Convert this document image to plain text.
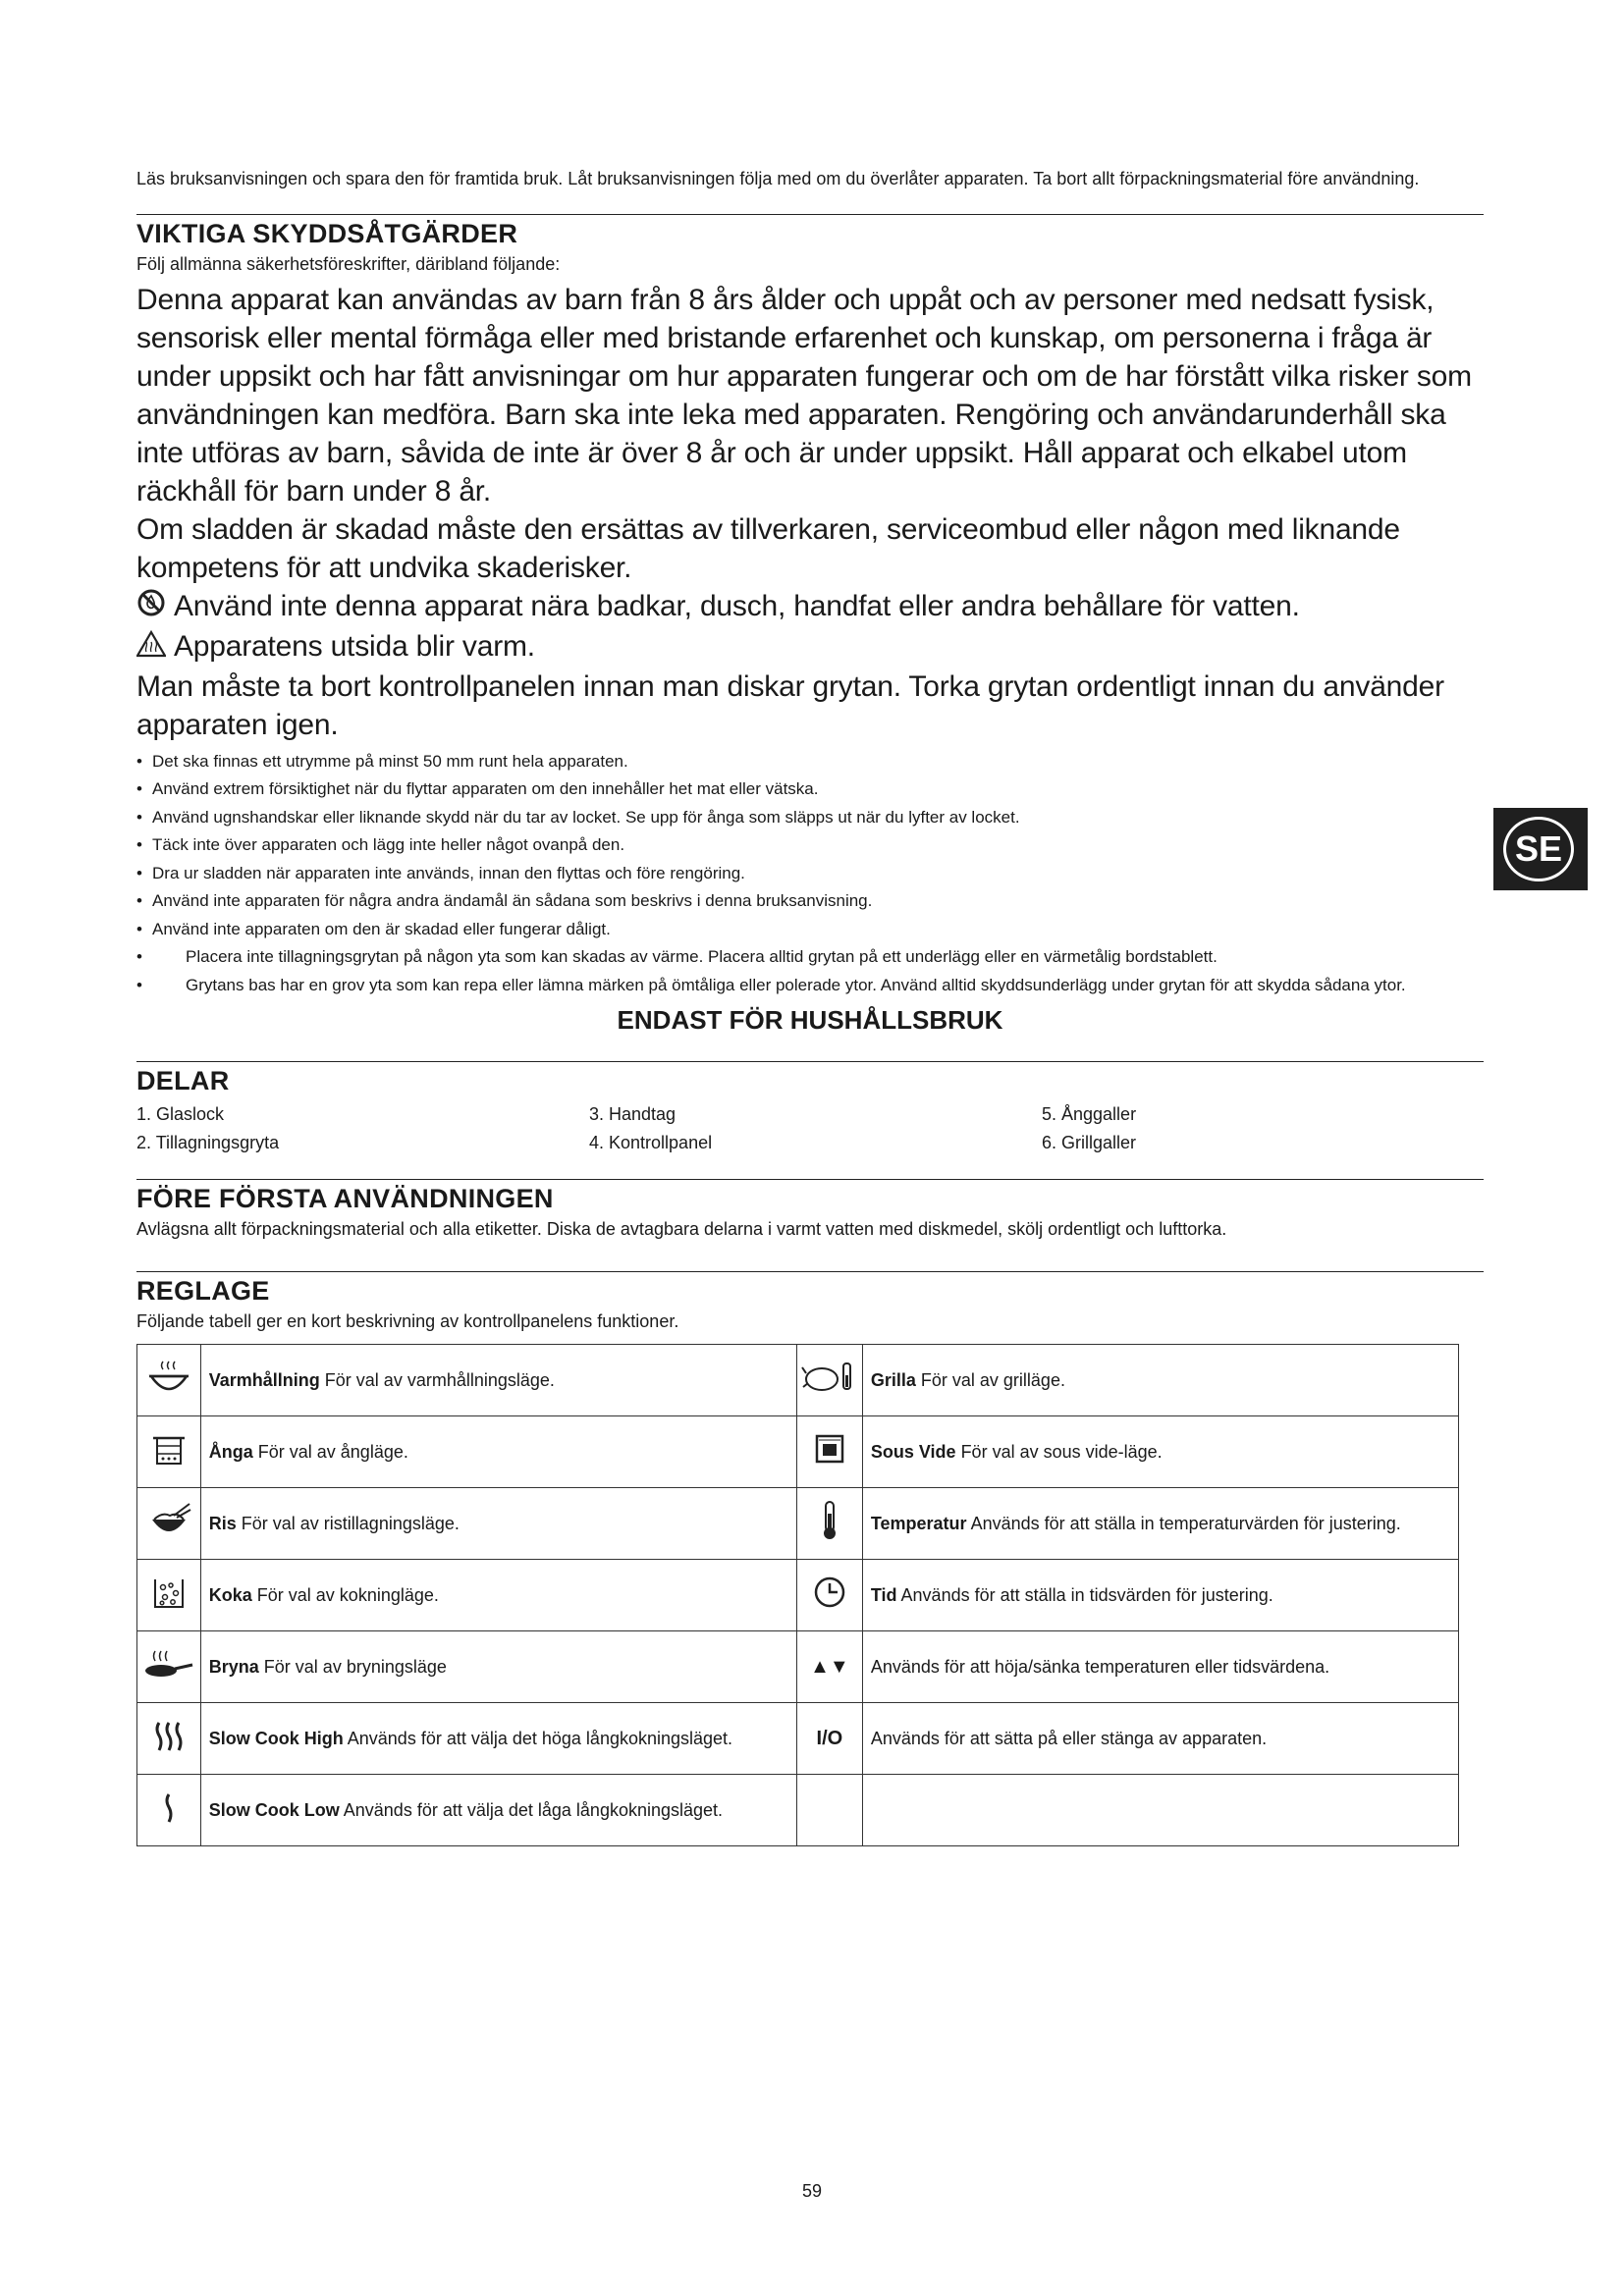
Läs bruksanvisningen och spara den för framtida bruk. Låt bruksanvisningen följa med om du överlåter apparaten. Ta bort allt förpackningsmaterial före användning.

VIKTIGA SKYDDSÅTGÄRDER

Följ allmänna säkerhetsföreskrifter, däribland följande:

Denna apparat kan användas av barn från 8 års ålder och uppåt och av personer med nedsatt fysisk, sensorisk eller mental förmåga eller med bristande erfarenhet och kunskap, om personerna i fråga är under uppsikt och har fått anvisningar om hur apparaten fungerar och om de har förstått vilka risker som användningen kan medföra. Barn ska inte leka med apparaten. Rengöring och användarunderhåll ska inte utföras av barn, såvida de inte är över 8 år och är under uppsikt. Håll apparat och elkabel utom räckhåll för barn under 8 år.

Om sladden är skadad måste den ersättas av tillverkaren, serviceombud eller någon med liknande kompetens för att undvika skaderisker.

Använd inte denna apparat nära badkar, dusch, handfat eller andra behållare för vatten.

Apparatens utsida blir varm.

Man måste ta bort kontrollpanelen innan man diskar grytan. Torka grytan ordentligt innan du använder apparaten igen.

• Det ska finnas ett utrymme på minst 50 mm runt hela apparaten.
• Använd extrem försiktighet när du flyttar apparaten om den innehåller het mat eller vätska.
• Använd ugnshandskar eller liknande skydd när du tar av locket. Se upp för ånga som släpps ut när du lyfter av locket.
• Täck inte över apparaten och lägg inte heller något ovanpå den.
• Dra ur sladden när apparaten inte används, innan den flyttas och före rengöring.
• Använd inte apparaten för några andra ändamål än sådana som beskrivs i denna bruksanvisning.
• Använd inte apparaten om den är skadad eller fungerar dåligt.
• Placera inte tillagningsgrytan på någon yta som kan skadas av värme. Placera alltid grytan på ett underlägg eller en värmetålig bordstablett.
• Grytans bas har en grov yta som kan repa eller lämna märken på ömtåliga eller polerade ytor. Använd alltid skyddsunderlägg under grytan för att skydda sådana ytor.
ENDAST FÖR HUSHÅLLSBRUK
DELAR
1. Glaslock	3. Handtag	5. Ånggaller
2. Tillagningsgryta	4. Kontrollpanel	6. Grillgaller
FÖRE FÖRSTA ANVÄNDNINGEN

Avlägsna allt förpackningsmaterial och alla etiketter. Diska de avtagbara delarna i varmt vatten med diskmedel, skölj ordentligt och lufttorka.

REGLAGE

Följande tabell ger en kort beskrivning av kontrollpanelens funktioner.

	Varmhållning För val av varmhållningsläge.		Grilla För val av grilläge.
	Ånga För val av ångläge.		Sous Vide För val av sous vide-läge.
	Ris För val av ristillagningsläge.		Temperatur Används för att ställa in temperaturvärden för justering.
	Koka För val av kokningläge.		Tid Används för att ställa in tidsvärden för justering.
	Bryna För val av bryningsläge	▲▼	Används för att höja/sänka temperaturen eller tidsvärdena.
	Slow Cook High Används för att välja det höga långkokningsläget.	I/O	Används för att sätta på eller stänga av apparaten.
	Slow Cook Low Används för att välja det låga långkokningsläget.		
SE
59
